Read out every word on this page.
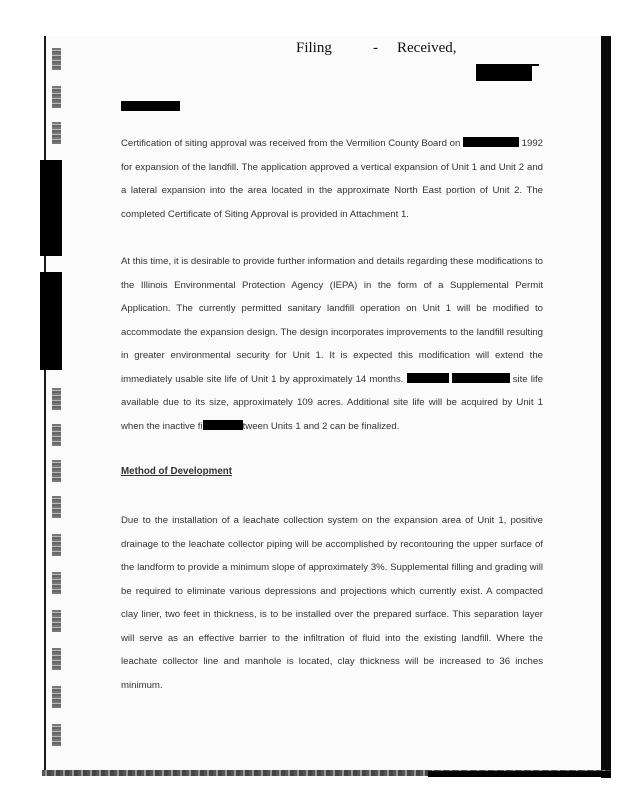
Filing	- Received,

Certification of siting approval was received from the Vermilion County Board on	1992 for expansion of the landfill. The application approved a vertical expansion of Unit 1 and Unit 2 and a lateral expansion into the area located in the approximate North East portion of Unit 2. The completed Certificate of Siting Approval is provided in Attachment 1.

At this time, it is desirable to provide further information and details regarding these modifications to the Illinois Environmental Protection Agency (IEPA) in the form of a Supplemental Permit Application. The currently permitted sanitary landfill operation on Unit 1 will be modified to accommodate the expansion design. The design incorporates improvements to the landfill resulting in greater environmental security for Unit 1. It is expected this modification will extend the immediately usable site life of Unit 1 by approximately 14 months.	site life available due to its size, approximately 109 acres. Additional site life will be acquired by Unit 1 when the inactive fi	tween Units 1 and 2 can be finalized.

Method of Development

Due to the installation of a leachate collection system on the expansion area of Unit 1, positive drainage to the leachate collector piping will be accomplished by recontouring the upper surface of the landform to provide a minimum slope of approximately 3%. Supplemental filling and grading will be required to eliminate various depressions and projections which currently exist. A compacted clay liner, two feet in thickness, is to be installed over the prepared surface. This separation layer will serve as an effective barrier to the infiltration of fluid into the existing landfill. Where the leachate collector line and manhole is located, clay thickness will be increased to 36 inches minimum.
